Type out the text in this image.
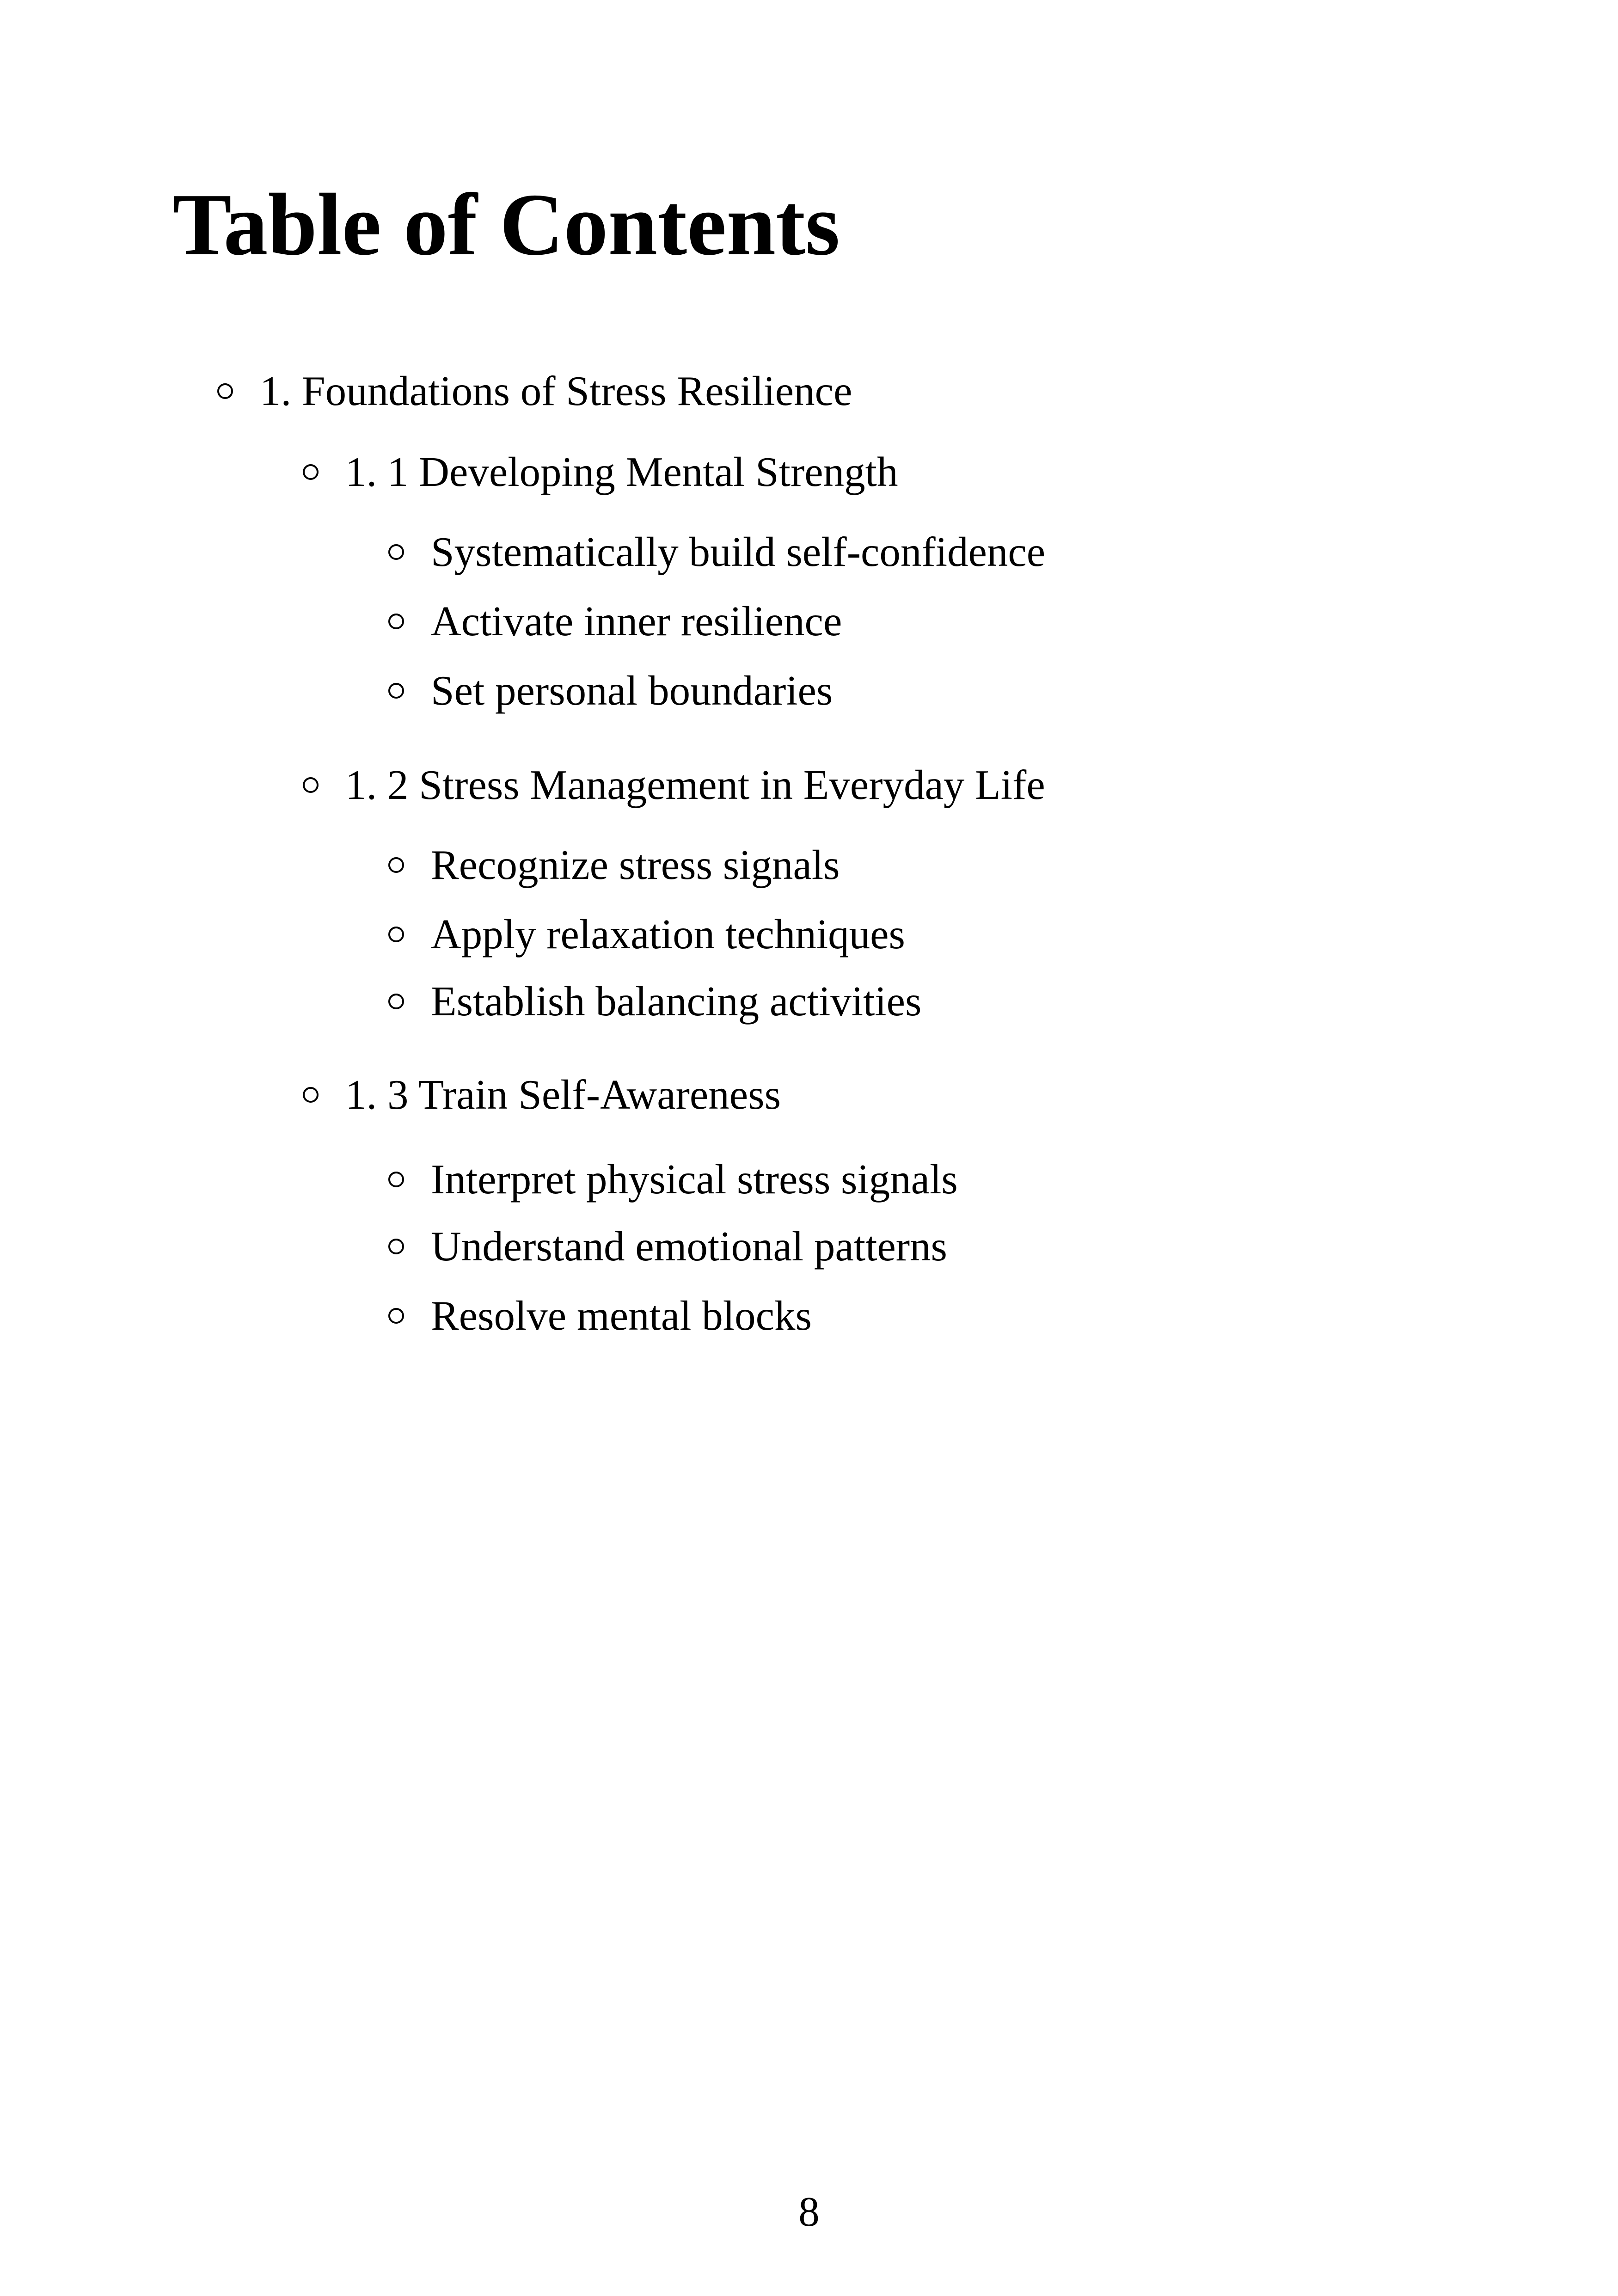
Table of Contents
1. Foundations of Stress Resilience
1. 1 Developing Mental Strength
Systematically build self-confidence
Activate inner resilience
Set personal boundaries
1. 2 Stress Management in Everyday Life
Recognize stress signals
Apply relaxation techniques
Establish balancing activities
1. 3 Train Self-Awareness
Interpret physical stress signals
Understand emotional patterns
Resolve mental blocks
8
